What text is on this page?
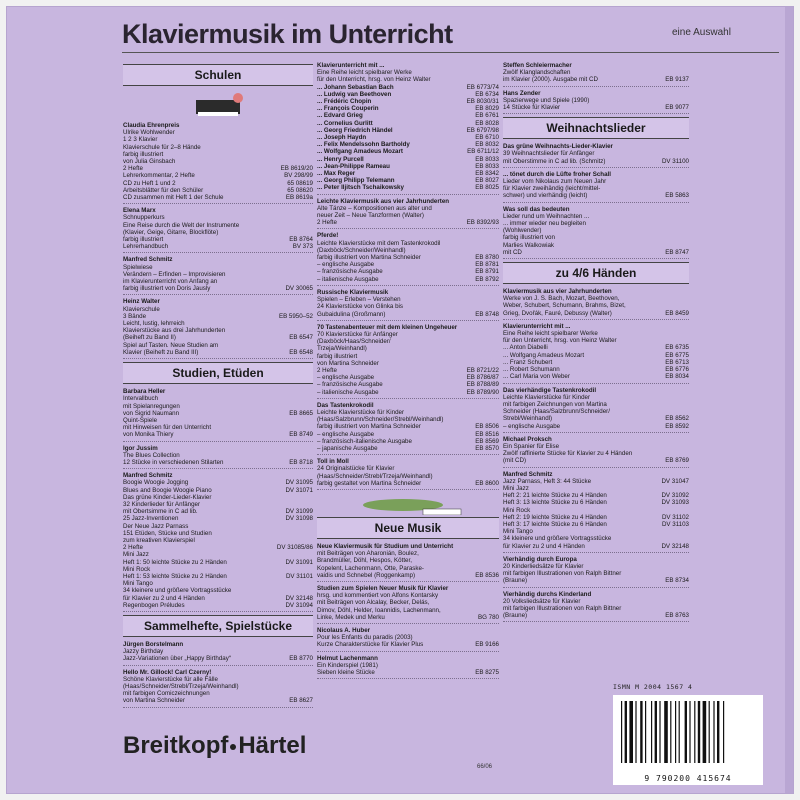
Klaviermusik im Unterricht	eine Auswahl
Schulen
Claudia Ehrenpreis
Ulrike Wohlwender
1 2 3 Klavier
Klavierschule für 2–8 Hände
farbig illustriert
von Julia Ginsbach
2 Hefte	EB 8619/20
Lehrerkommentar, 2 Hefte	BV 298/99
CD zu Heft 1 und 2	65 08619
Arbeitsblätter für den Schüler	65 08620
CD zusammen mit Heft 1 der Schule	EB 8619a
Elena Marx
Schnupperkurs
Eine Reise durch die Welt der Instrumente
(Klavier, Geige, Gitarre, Blockflöte)
farbig illustriert	EB 8764
Lehrerhandbuch	BV 373
Manfred Schmitz
Spielwiese
Verändern – Erfinden – Improvisieren
im Klavierunterricht von Anfang an
farbig illustriert von Doris Jausly	DV 30065
Heinz Walter
Klavierschule
3 Bände	EB 5950–52
Leicht, lustig, lehrreich
Klavierstücke aus drei Jahrhunderten
(Beiheft zu Band II)	EB 6547
Spiel auf Tasten. Neue Studien am
Klavier (Beiheft zu Band III)	EB 6548
Studien, Etüden
Barbara Heller
Intervallbuch
mit Spielanregungen
von Sigrid Naumann	EB 8665
Quint-Spiele
mit Hinweisen für den Unterricht
von Monika Thiery	EB 8749
Igor Jussim
The Blues Collection
12 Stücke in verschiedenen Stilarten	EB 8718
Manfred Schmitz
Boogie Woogie Jogging	DV 31095
Blues and Boogie Woogie Piano	DV 31071
Das grüne Kinder-Lieder-Klavier
32 Kinderlieder für Anfänger
mit Obertsimme in C ad lib.	DV 31099
25 Jazz-Inventionen	DV 31098
Der Neue Jazz Parnass
151 Etüden, Stücke und Studien
zum kreativen Klavierspiel
2 Hefte	DV 31085/86
Mini Jazz
Heft 1: 50 leichte Stücke zu 2 Händen	DV 31091
Mini Rock
Heft 1: 53 leichte Stücke zu 2 Händen	DV 31101
Mini Tango
34 kleinere und größere Vortragsstücke
für Klavier zu 2 und 4 Händen	DV 32148
Regenbogen Préludes	DV 31094
Sammelhefte, Spielstücke
Jürgen Borstelmann
Jazzy Birthday
Jazz-Variationen über „Happy Birthday“	EB 8770
Hello Mr. Gillock! Carl Czerny!
Schöne Klavierstücke für alle Fälle
(Haas/Schneider/Strebl/Trzeja/Weinhandl)
mit farbigen Comiczeichnungen
von Martina Schneider	EB 8627
Klavierunterricht mit ...
Eine Reihe leicht spielbarer Werke
für den Unterricht, hrsg. von Heinz Walter
... Johann Sebastian Bach	EB 6773/74
... Ludwig van Beethoven	EB 6734
... Frédéric Chopin	EB 8030/31
... François Couperin	EB 8029
... Edvard Grieg	EB 6761
... Cornelius Gurlitt	EB 8028
... Georg Friedrich Händel	EB 6797/98
... Joseph Haydn	EB 6710
... Felix Mendelssohn Bartholdy	EB 8032
... Wolfgang Amadeus Mozart	EB 6711/12
... Henry Purcell	EB 8033
... Jean-Philippe Rameau	EB 8033
... Max Reger	EB 8342
... Georg Philipp Telemann	EB 8027
... Peter Iljitsch Tschaikowsky	EB 8025
Leichte Klaviermusik aus vier Jahrhunderten
Alte Tänze – Kompositionen aus alter und
neuer Zeit – Neue Tanzformen (Walter)
2 Hefte	EB 8392/93
Pferde!
Leichte Klavierstücke mit dem Tastenkrokodil
(Daxböck/Schneider/Weinhandl)
farbig illustriert von Martina Schneider	EB 8780
– englische Ausgabe	EB 8781
– französische Ausgabe	EB 8791
– italienische Ausgabe	EB 8792
Russische Klaviermusik
Spielen – Erleben – Verstehen
24 Klavierstücke von Glinka bis
Gubaidulina (Großmann)	EB 8748
70 Tastenabenteuer mit dem kleinen Ungeheuer
70 Klavierstücke für Anfänger
(Daxböck/Haas/Schneider/
Trzeja/Weinhandl)
farbig illustriert
von Martina Schneider
2 Hefte	EB 8721/22
– englische Ausgabe	EB 8786/87
– französische Ausgabe	EB 8788/89
– italienische Ausgabe	EB 8789/90
Das Tastenkrokodil
Leichte Klavierstücke für Kinder
(Haas/Salzbrunn/Schneider/Strebl/Weinhandl)
farbig illustriert von Martina Schneider	EB 8506
– englische Ausgabe	EB 8516
– französisch-italienische Ausgabe	EB 8569
– japanische Ausgabe	EB 8570
Toll in Moll
24 Originalstücke für Klavier
(Haas/Schneider/Strebl/Trzeja/Weinhandl)
farbig gestaltet von Martina Schneider	EB 8600
Neue Musik
Neue Klaviermusik für Studium und Unterricht
mit Beiträgen von Aharonián, Boulez,
Brandmüller, Döhl, Hespos, Kötter,
Kopelent, Lachenmann, Otte, Paraske-
vaidis und Schnebel (Roggenkamp)	EB 8536
Studien zum Spielen Neuer Musik für Klavier
hrsg. und kommentiert von Alfons Kontarsky
mit Beiträgen von Alcalay, Becker, Delás,
Dimov, Döhl, Helder, Ioannidis, Lachenmann,
Linke, Medek und Merku	BG 780
Nicolaus A. Huber
Pour les Enfants du paradis (2003)
Kurze Charakterstücke für Klavier Plus	EB 9166
Helmut Lachenmann
Ein Kinderspiel (1981)
Sieben kleine Stücke	EB 8275
Steffen Schleiermacher
Zwölf Klanglandschaften
im Klavier (2000). Ausgabe mit CD	EB 9137
Hans Zender
Spazierwege und Spiele (1990)
14 Stücke für Klavier	EB 9077
Weihnachtslieder
Das grüne Weihnachts-Lieder-Klavier
39 Weihnachtslieder für Anfänger
mit Oberstimme in C ad lib. (Schmitz)	DV 31100
... tönet durch die Lüfte froher Schall
Lieder vom Nikolaus zum Neuen Jahr
für Klavier zweihändig (leicht/mittel-
schwer) und vierhändig (leicht)	EB 5863
Was soll das bedeuten
Lieder rund um Weihnachten ...
... immer wieder neu begleiten
(Wohlwender)
farbig illustriert von
Marlies Walkowiak
mit CD	EB 8747
zu 4/6 Händen
Klaviermusik aus vier Jahrhunderten
Werke von J. S. Bach, Mozart, Beethoven,
Weber, Schubert, Schumann, Brahms, Bizet,
Grieg, Dvořák, Fauré, Debussy (Walter)	EB 8459
Klavierunterricht mit ...
Eine Reihe leicht spielbarer Werke
für den Unterricht, hrsg. von Heinz Walter
... Anton Diabelli	EB 6735
... Wolfgang Amadeus Mozart	EB 6775
... Franz Schubert	EB 6713
... Robert Schumann	EB 6776
... Carl Maria von Weber	EB 8034
Das vierhändige Tastenkrokodil
Leichte Klavierstücke für Kinder
mit farbigen Zeichnungen von Martina
Schneider (Haas/Salzbrunn/Schneider/
Strebl/Weinhandl)	EB 8562
– englische Ausgabe	EB 8592
Michael Proksch
Ein Spanier für Elise
Zwölf raffinierte Stücke für Klavier zu 4 Händen
(mit CD)	EB 8769
Manfred Schmitz
Jazz Parnass, Heft 3: 44 Stücke	DV 31047
Mini Jazz
Heft 2: 21 leichte Stücke zu 4 Händen	DV 31092
Heft 3: 13 leichte Stücke zu 6 Händen	DV 31093
Mini Rock
Heft 2: 19 leichte Stücke zu 4 Händen	DV 31102
Heft 3: 17 leichte Stücke zu 6 Händen	DV 31103
Mini Tango
34 kleinere und größere Vortragsstücke
für Klavier zu 2 und 4 Händen	DV 32148
Vierhändig durch Europa
20 Kinderliedsätze für Klavier
mit farbigen Illustrationen von Ralph Bittner
(Braune)	EB 8734
Vierhändig durchs Kinderland
20 Volksliedsätze für Klavier
mit farbigen Illustrationen von Ralph Bittner
(Braune)	EB 8763
Breitkopf Härtel
66/06
ISMN M 2004 1567 4
9 790200 415674
